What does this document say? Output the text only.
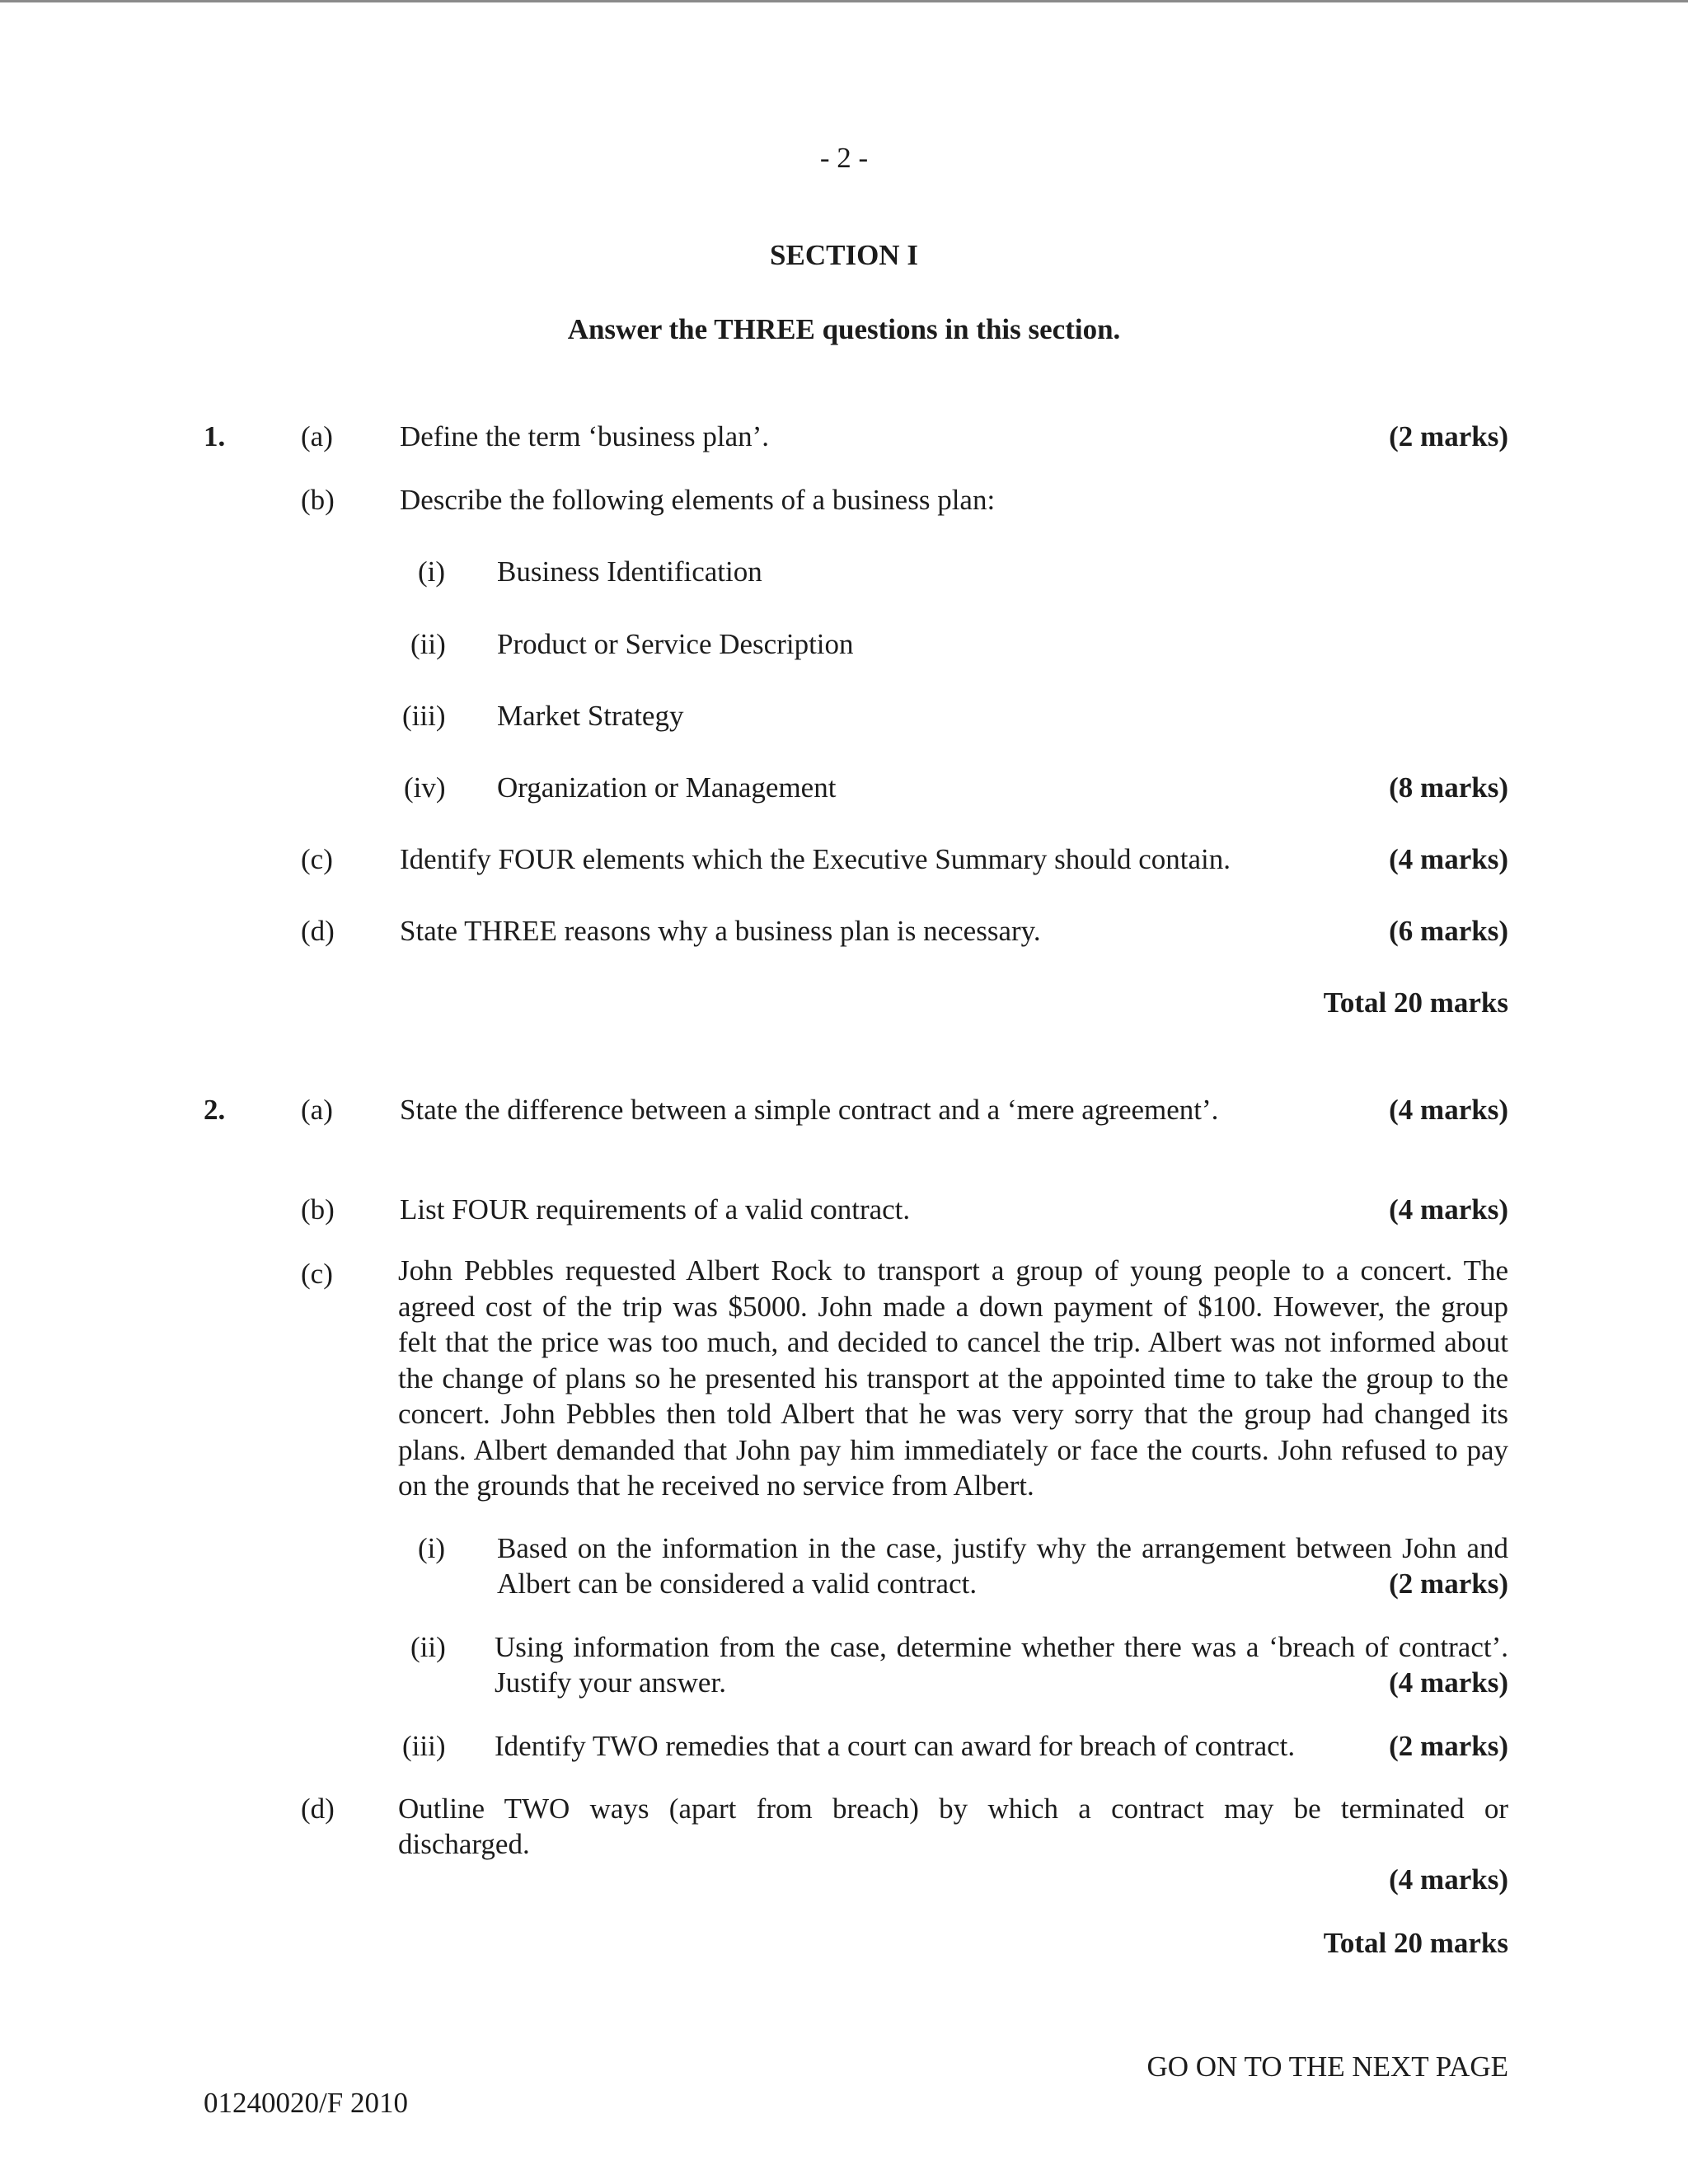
- 2 -
SECTION I
Answer the THREE questions in this section.
1.	(a) Define the term ‘business plan’.	(2 marks)
(b) Describe the following elements of a business plan:
(i) Business Identification
(ii) Product or Service Description
(iii) Market Strategy
(iv) Organization or Management	(8 marks)
(c) Identify FOUR elements which the Executive Summary should contain.	(4 marks)
(d) State THREE reasons why a business plan is necessary.	(6 marks)
Total 20 marks
2.	(a) State the difference between a simple contract and a ‘mere agreement’.	(4 marks)
(b) List FOUR requirements of a valid contract.	(4 marks)
(c) John Pebbles requested Albert Rock to transport a group of young people to a concert. The
agreed cost of the trip was $5000. John made a down payment of $100. However, the group
felt that the price was too much, and decided to cancel the trip. Albert was not informed about
the change of plans so he presented his transport at the appointed time to take the group to the
concert. John Pebbles then told Albert that he was very sorry that the group had changed its
plans. Albert demanded that John pay him immediately or face the courts. John refused to pay
on the grounds that he received no service from Albert.
(i) Based on the information in the case, justify why the arrangement between John and
Albert can be considered a valid contract.	(2 marks)
(ii) Using information from the case, determine whether there was a ‘breach of contract’.
Justify your answer.	(4 marks)
(iii) Identify TWO remedies that a court can award for breach of contract.	(2 marks)
(d) Outline TWO ways (apart from breach) by which a contract may be terminated or
discharged.
(4 marks)
Total 20 marks
GO ON TO THE NEXT PAGE
01240020/F 2010
